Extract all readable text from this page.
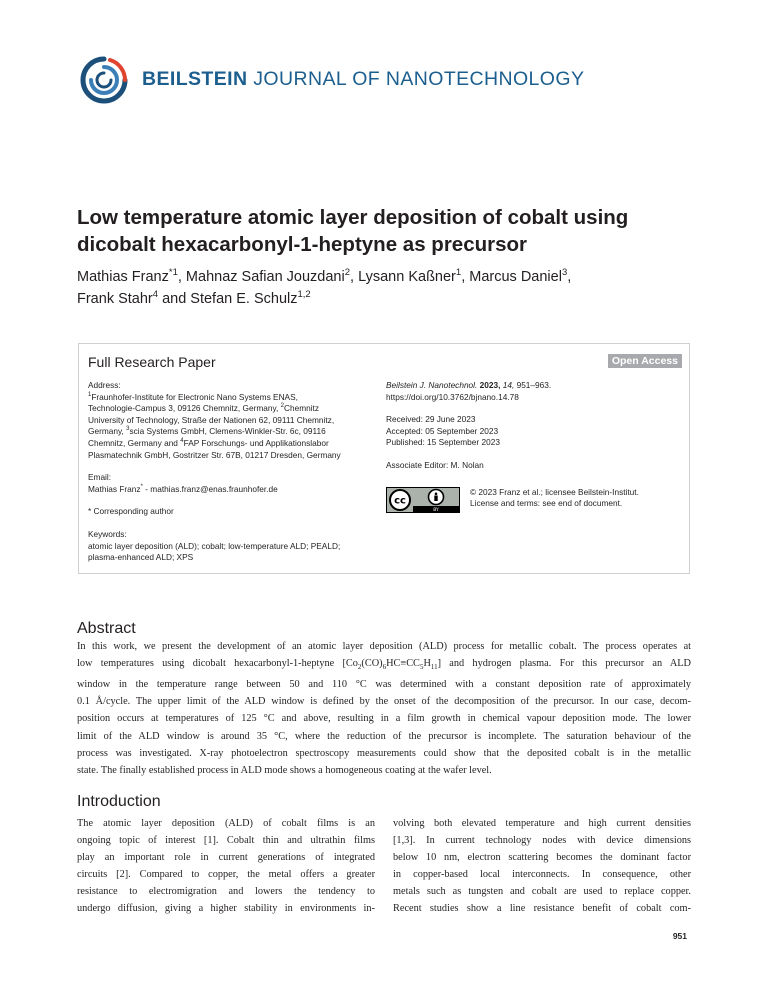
BEILSTEIN JOURNAL OF NANOTECHNOLOGY
Low temperature atomic layer deposition of cobalt using
dicobalt hexacarbonyl-1-heptyne as precursor
Mathias Franz$^{*1}$, Mahnaz Safian Jouzdani$^2$, Lysann Kaßner$^1$, Marcus Daniel$^3$,
Frank Stahr$^4$ and Stefan E. Schulz$^{1,2}$
Full Research Paper	Open Access

Address:

$^1$Fraunhofer-Institute for Electronic Nano Systems ENAS,

Technologie-Campus 3, 09126 Chemnitz, Germany, $^2$Chemnitz

University of Technology, Straße der Nationen 62, 09111 Chemnitz,

Germany, $^3$scia Systems GmbH, Clemens-Winkler-Str. 6c, 09116

Chemnitz, Germany and $^4$FAP Forschungs- und Applikationslabor

Plasmatechnik GmbH, Gostritzer Str. 67B, 01217 Dresden, Germany

Email:

Mathias Franz* - mathias.franz@enas.fraunhofer.de

* Corresponding author

Keywords:

atomic layer deposition (ALD); cobalt; low-temperature ALD; PEALD;

plasma-enhanced ALD; XPS

Beilstein J. Nanotechnol. 2023, 14, 951–963.

https://doi.org/10.3762/bjnano.14.78

Received: 29 June 2023

Accepted: 05 September 2023

Published: 15 September 2023

Associate Editor: M. Nolan

cc
BY

© 2023 Franz et al.; licensee Beilstein-Institut.

License and terms: see end of document.

Abstract
In this work, we present the development of an atomic layer deposition (ALD) process for metallic cobalt. The process operates at
low temperatures using dicobalt hexacarbonyl-1-heptyne $[Co_2(CO)_6HC\equiv CC_5H_{11}]$ and hydrogen plasma. For this precursor an ALD
window in the temperature range between 50 and 110 °C was determined with a constant deposition rate of approximately
0.1 Å/cycle. The upper limit of the ALD window is defined by the onset of the decomposition of the precursor. In our case, decom-
position occurs at temperatures of 125 °C and above, resulting in a film growth in chemical vapour deposition mode. The lower
limit of the ALD window is around 35 °C, where the reduction of the precursor is incomplete. The saturation behaviour of the
process was investigated. X-ray photoelectron spectroscopy measurements could show that the deposited cobalt is in the metallic
state. The finally established process in ALD mode shows a homogeneous coating at the wafer level.
Introduction
The atomic layer deposition (ALD) of cobalt films is an
ongoing topic of interest [1]. Cobalt thin and ultrathin films
play an important role in current generations of integrated
circuits [2]. Compared to copper, the metal offers a greater
resistance to electromigration and lowers the tendency to
undergo diffusion, giving a higher stability in environments in-
volving both elevated temperature and high current densities
[1,3]. In current technology nodes with device dimensions
below 10 nm, electron scattering becomes the dominant factor
in copper-based local interconnects. In consequence, other
metals such as tungsten and cobalt are used to replace copper.
Recent studies show a line resistance benefit of cobalt com-
951
